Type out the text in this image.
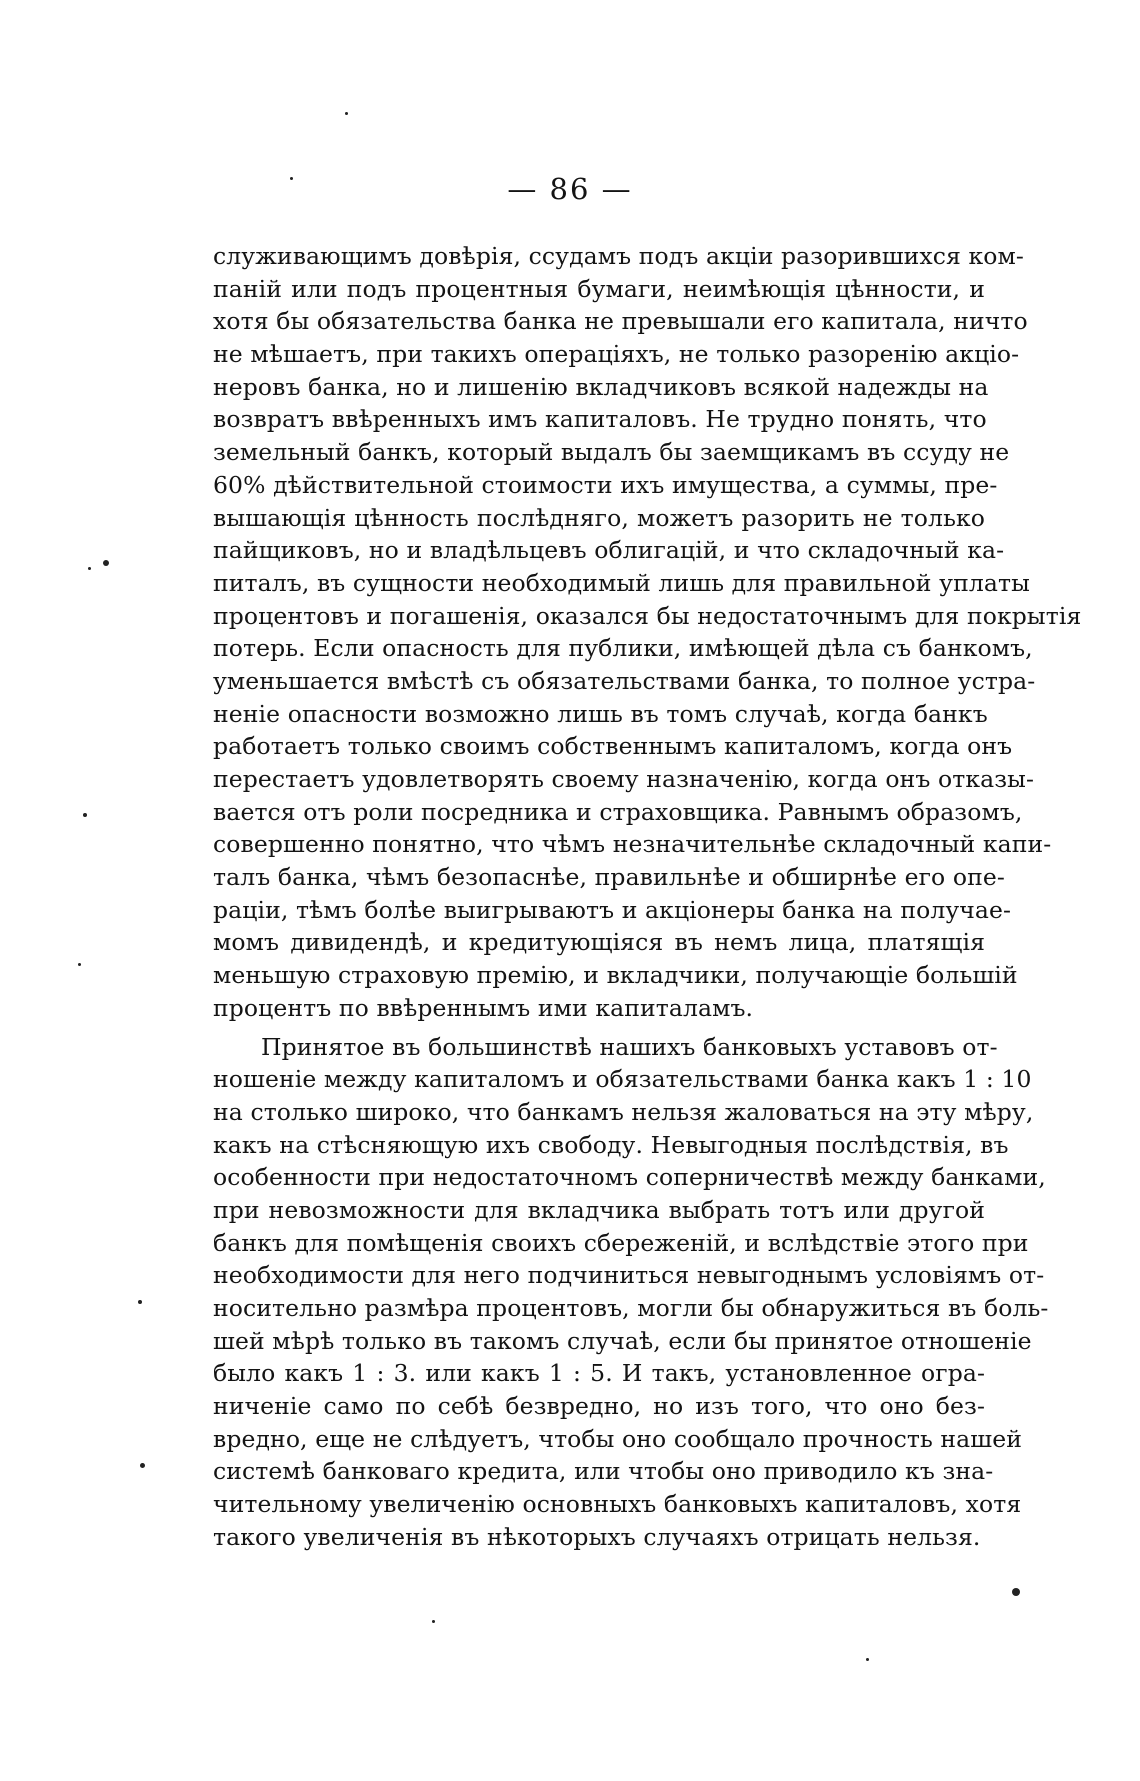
— 86 —
служивающимъ довѣрія, ссудамъ подъ акціи разорившихся ком-
паній или подъ процентныя бумаги, неимѣющія цѣнности, и
хотя бы обязательства банка не превышали его капитала, ничто
не мѣшаетъ, при такихъ операціяхъ, не только разоренію акціо-
неровъ банка, но и лишенію вкладчиковъ всякой надежды на
возвратъ ввѣренныхъ имъ капиталовъ. Не трудно понять, что
земельный банкъ, который выдалъ бы заемщикамъ въ ссуду не
60% дѣйствительной стоимости ихъ имущества, а суммы, пре-
вышающія цѣнность послѣдняго, можетъ разорить не только
пайщиковъ, но и владѣльцевъ облигацій, и что складочный ка-
питалъ, въ сущности необходимый лишь для правильной уплаты
процентовъ и погашенія, оказался бы недостаточнымъ для покрытія
потерь. Если опасность для публики, имѣющей дѣла съ банкомъ,
уменьшается вмѣстѣ съ обязательствами банка, то полное устра-
неніе опасности возможно лишь въ томъ случаѣ, когда банкъ
работаетъ только своимъ собственнымъ капиталомъ, когда онъ
перестаетъ удовлетворять своему назначенію, когда онъ отказы-
вается отъ роли посредника и страховщика. Равнымъ образомъ,
совершенно понятно, что чѣмъ незначительнѣе складочный капи-
талъ банка, чѣмъ безопаснѣе, правильнѣе и обширнѣе его опе-
раціи, тѣмъ болѣе выигрываютъ и акціонеры банка на получае-
момъ дивидендѣ, и кредитующіяся въ немъ лица, платящія
меньшую страховую премію, и вкладчики, получающіе большій
процентъ по ввѣреннымъ ими капиталамъ.
Принятое въ большинствѣ нашихъ банковыхъ уставовъ от-
ношеніе между капиталомъ и обязательствами банка какъ 1 : 10
на столько широко, что банкамъ нельзя жаловаться на эту мѣру,
какъ на стѣсняющую ихъ свободу. Невыгодныя послѣдствія, въ
особенности при недостаточномъ соперничествѣ между банками,
при невозможности для вкладчика выбрать тотъ или другой
банкъ для помѣщенія своихъ сбереженій, и вслѣдствіе этого при
необходимости для него подчиниться невыгоднымъ условіямъ от-
носительно размѣра процентовъ, могли бы обнаружиться въ боль-
шей мѣрѣ только въ такомъ случаѣ, если бы принятое отношеніе
было какъ 1 : 3. или какъ 1 : 5. И такъ, установленное огра-
ниченіе само по себѣ безвредно, но изъ того, что оно без-
вредно, еще не слѣдуетъ, чтобы оно сообщало прочность нашей
системѣ банковаго кредита, или чтобы оно приводило къ зна-
чительному увеличенію основныхъ банковыхъ капиталовъ, хотя
такого увеличенія въ нѣкоторыхъ случаяхъ отрицать нельзя.
